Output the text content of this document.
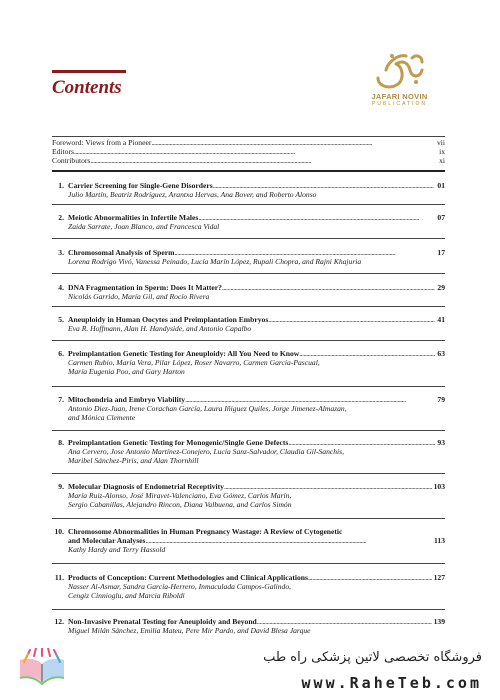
Contents	JAFARI NOVIN
PUBLICATION
Foreword: Views from a Pioneer . . .	vii
Editors . . .	ix
Contributors . . .	xi
1. Carrier Screening for Single-Gene Disorders . . .	01
Julio Martín, Beatriz Rodríguez, Arantxa Hervas, Ana Bover, and Roberto Alonso
2. Meiotic Abnormalities in Infertile Males . . .	07
Zaida Sarrate, Joan Blanco, and Francesca Vidal
3. Chromosomal Analysis of Sperm . . .	17
Lorena Rodrigo Vivó, Vanessa Peinado, Lucía Marín López, Rupali Chopra, and Rajni Khajuria
4. DNA Fragmentation in Sperm: Does It Matter? . . .	29
Nicolás Garrido, María Gil, and Rocío Rivera
5. Aneuploidy in Human Oocytes and Preimplantation Embryos . . .	41
Eva R. Hoffmann, Alan H. Handyside, and Antonio Capalbo
6. Preimplantation Genetic Testing for Aneuploidy: All You Need to Know . . .	63
Carmen Rubio, María Vera, Pilar López, Roser Navarro, Carmen García-Pascual,
María Eugenia Poo, and Gary Harton
7. Mitochondria and Embryo Viability . . .	79
Antonio Diez-Juan, Irene Corachan García, Laura Iñiguez Quiles, Jorge Jimenez-Almazan,
and Mónica Clemente
8. Preimplantation Genetic Testing for Monogenic/Single Gene Defects . . .	93
Ana Cervero, Jose Antonio Martínez-Conejero, Lucía Sanz-Salvador, Claudia Gil-Sanchis,
Maribel Sánchez-Piris, and Alan Thornhill
9. Molecular Diagnosis of Endometrial Receptivity . . .	103
María Ruiz-Alonso, José Miravet-Valenciano, Eva Gómez, Carlos Marín,
Sergio Cabanillas, Alejandro Rincon, Diana Valbuena, and Carlos Simón
10. Chromosome Abnormalities in Human Pregnancy Wastage: A Review of Cytogenetic
and Molecular Analyses . . .	113
Kathy Hardy and Terry Hassold
11. Products of Conception: Current Methodologies and Clinical Applications . . .	127
Nasser Al-Asmar, Sandra García-Herrero, Inmaculada Campos-Galindo,
Cengiz Cinnioglu, and Marcia Riboldi
12. Non-Invasive Prenatal Testing for Aneuploidy and Beyond . . .	139
Miguel Milán Sánchez, Emilia Mateu, Pere Mir Pardo, and David Blesa Jarque
فروشگاه تخصصی لاتین پزشکی راه طب
www.RaheTeb.com
